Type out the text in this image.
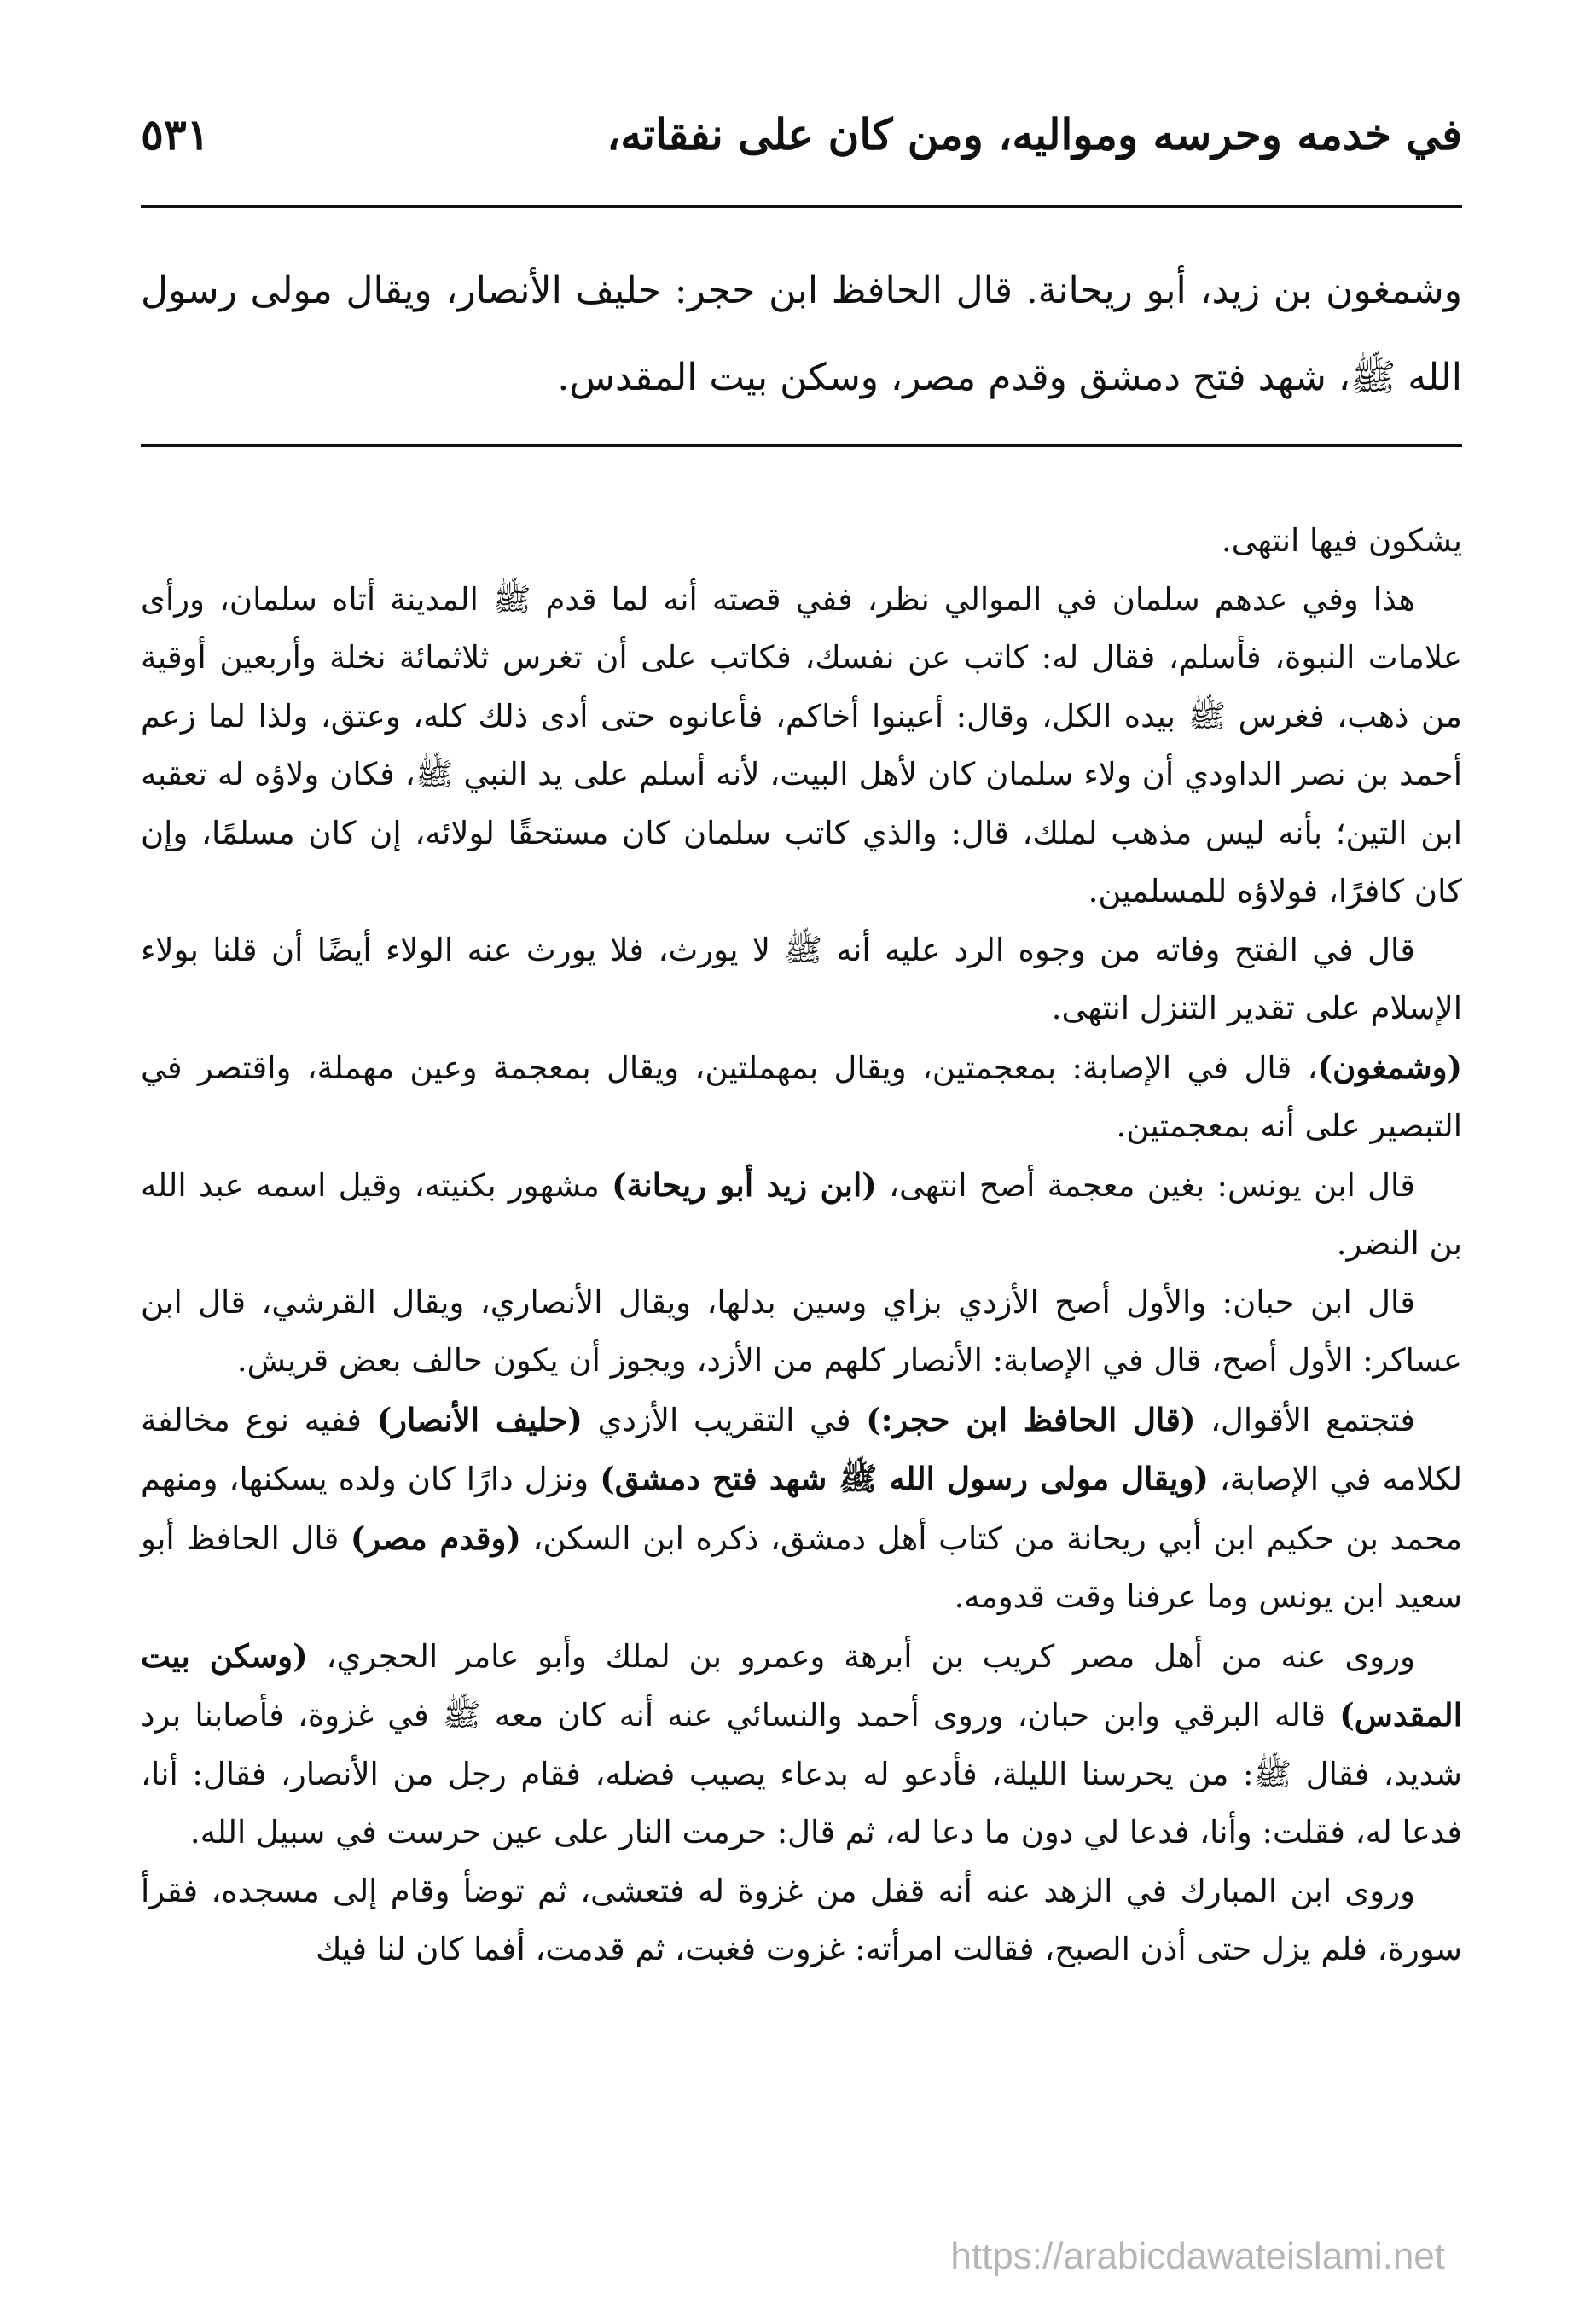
في خدمه وحرسه ومواليه، ومن كان على نفقاته،
٥٣١
وشمغون بن زيد، أبو ريحانة. قال الحافظ ابن حجر: حليف الأنصار، ويقال مولى رسول الله ﷺ، شهد فتح دمشق وقدم مصر، وسكن بيت المقدس.

يشكون فيها انتهى.

هذا وفي عدهم سلمان في الموالي نظر، ففي قصته أنه لما قدم ﷺ المدينة أتاه سلمان، ورأى علامات النبوة، فأسلم، فقال له: كاتب عن نفسك، فكاتب على أن تغرس ثلاثمائة نخلة وأربعين أوقية من ذهب، فغرس ﷺ بيده الكل، وقال: أعينوا أخاكم، فأعانوه حتى أدى ذلك كله، وعتق، ولذا لما زعم أحمد بن نصر الداودي أن ولاء سلمان كان لأهل البيت، لأنه أسلم على يد النبي ﷺ، فكان ولاؤه له تعقبه ابن التين؛ بأنه ليس مذهب لملك، قال: والذي كاتب سلمان كان مستحقًا لولائه، إن كان مسلمًا، وإن كان كافرًا، فولاؤه للمسلمين.

قال في الفتح وفاته من وجوه الرد عليه أنه ﷺ لا يورث، فلا يورث عنه الولاء أيضًا أن قلنا بولاء الإسلام على تقدير التنزل انتهى.

(وشمغون)، قال في الإصابة: بمعجمتين، ويقال بمهملتين، ويقال بمعجمة وعين مهملة، واقتصر في التبصير على أنه بمعجمتين.

قال ابن يونس: بغين معجمة أصح انتهى، (ابن زيد أبو ريحانة) مشهور بكنيته، وقيل اسمه عبد الله بن النضر.

قال ابن حبان: والأول أصح الأزدي بزاي وسين بدلها، ويقال الأنصاري، ويقال القرشي، قال ابن عساكر: الأول أصح، قال في الإصابة: الأنصار كلهم من الأزد، ويجوز أن يكون حالف بعض قريش.

فتجتمع الأقوال، (قال الحافظ ابن حجر:) في التقريب الأزدي (حليف الأنصار) ففيه نوع مخالفة لكلامه في الإصابة، (ويقال مولى رسول الله ﷺ شهد فتح دمشق) ونزل دارًا كان ولده يسكنها، ومنهم محمد بن حكيم ابن أبي ريحانة من كتاب أهل دمشق، ذكره ابن السكن، (وقدم مصر) قال الحافظ أبو سعيد ابن يونس وما عرفنا وقت قدومه.

وروى عنه من أهل مصر كريب بن أبرهة وعمرو بن لملك وأبو عامر الحجري، (وسكن بيت المقدس) قاله البرقي وابن حبان، وروى أحمد والنسائي عنه أنه كان معه ﷺ في غزوة، فأصابنا برد شديد، فقال ﷺ: من يحرسنا الليلة، فأدعو له بدعاء يصيب فضله، فقام رجل من الأنصار، فقال: أنا، فدعا له، فقلت: وأنا، فدعا لي دون ما دعا له، ثم قال: حرمت النار على عين حرست في سبيل الله.

وروى ابن المبارك في الزهد عنه أنه قفل من غزوة له فتعشى، ثم توضأ وقام إلى مسجده، فقرأ سورة، فلم يزل حتى أذن الصبح، فقالت امرأته: غزوت فغبت، ثم قدمت، أفما كان لنا فيك

https://arabicdawateislami.net
